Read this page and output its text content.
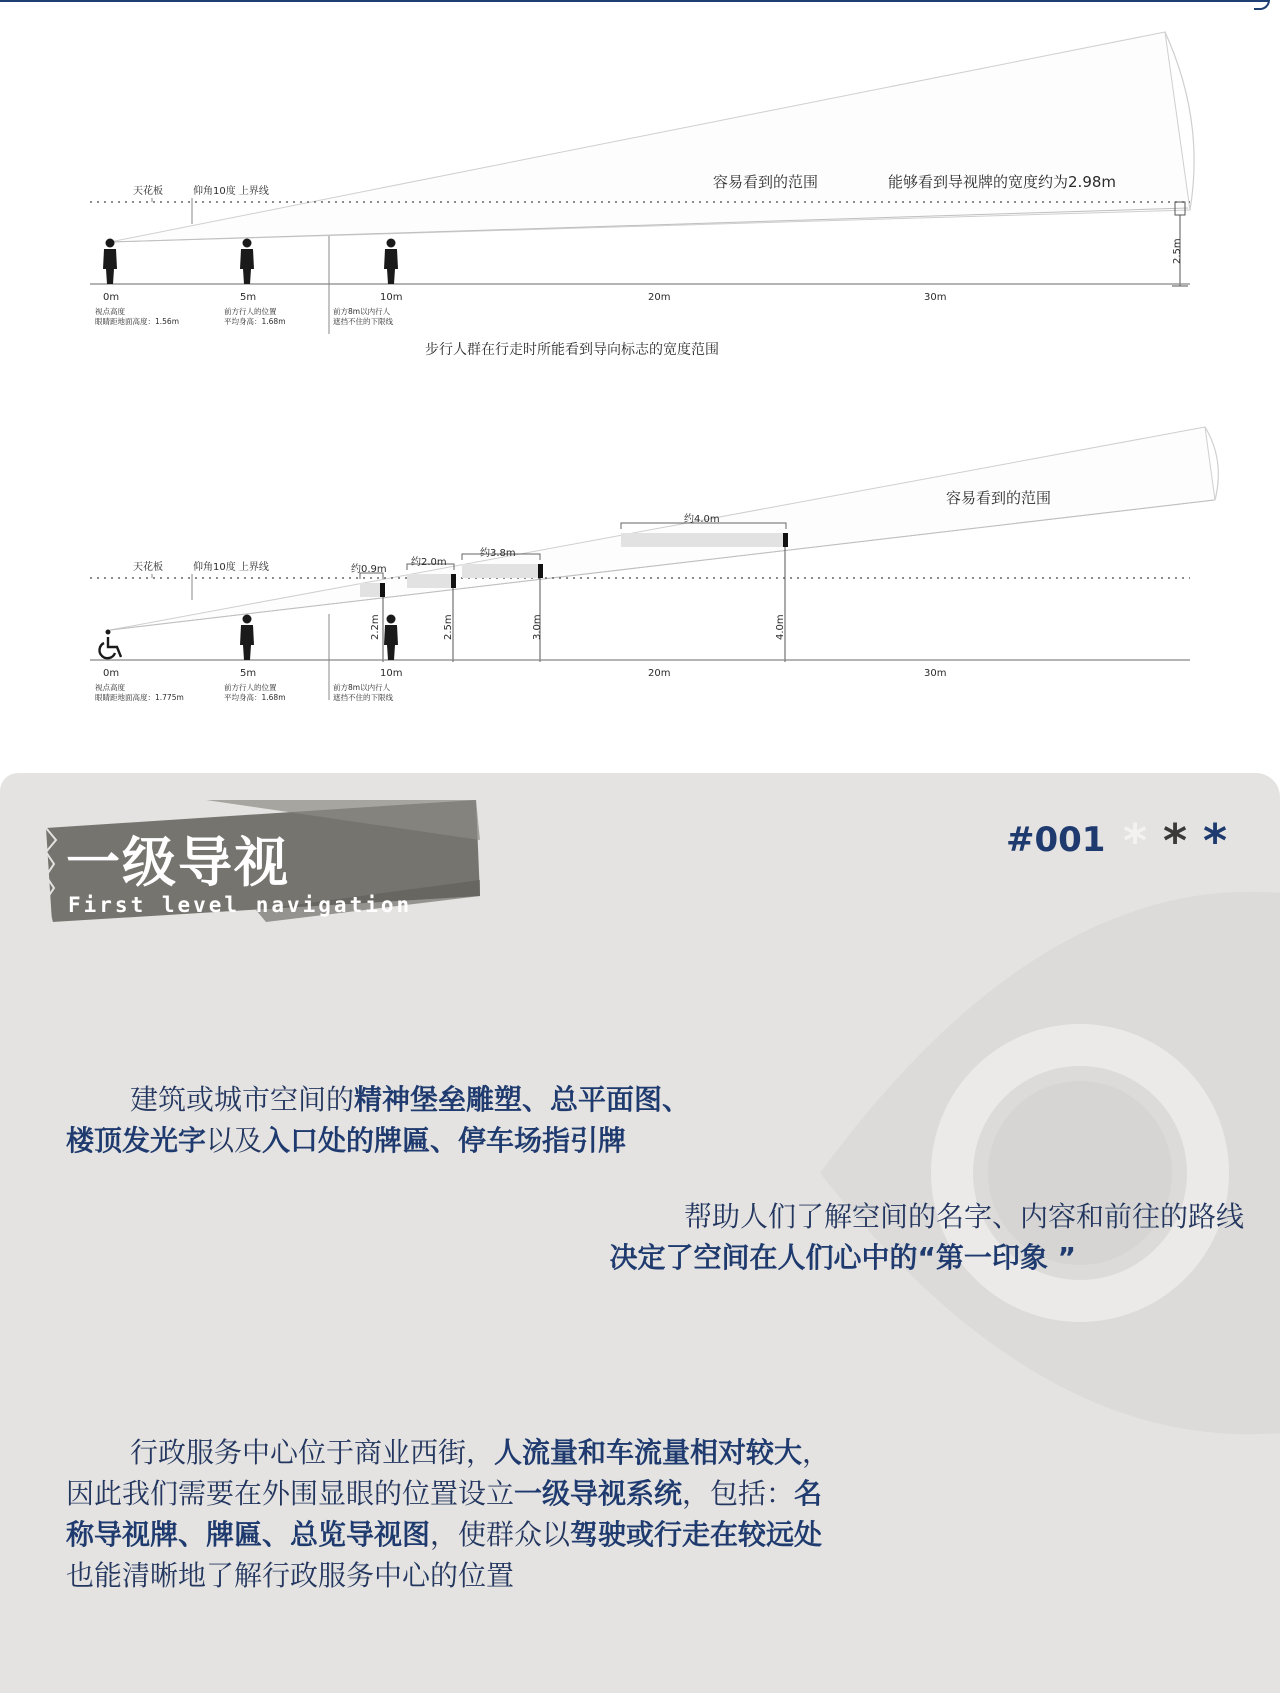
天花板	仰角10度 上界线
容易看到的范围	能够看到导视牌的宽度约为2.98m
2.5m
0m	5m	10m	20m	30m
视点高度
眼睛距地面高度：1.56m
前方行人的位置
平均身高：1.68m
前方8m以内行人
遮挡不住的下限线
步行人群在行走时所能看到导向标志的宽度范围
天花板	仰角10度 上界线
容易看到的范围
约0.9m
2.2m
约2.0m
2.5m
约3.8m
3.0m
约4.0m
4.0m
0m	5m	10m	20m	30m
视点高度
眼睛距地面高度：1.775m
前方行人的位置
平均身高：1.68m
前方8m以内行人
遮挡不住的下限线
一级导视
First level navigation
#001 * * *
建筑或城市空间的精神堡垒雕塑、总平面图、
楼顶发光字以及入口处的牌匾、停车场指引牌
帮助人们了解空间的名字、内容和前往的路线
决定了空间在人们心中的“第一印象 ”
行政服务中心位于商业西街，人流量和车流量相对较大，
因此我们需要在外围显眼的位置设立一级导视系统，包括：名
称导视牌、牌匾、总览导视图，使群众以驾驶或行走在较远处
也能清晰地了解行政服务中心的位置
